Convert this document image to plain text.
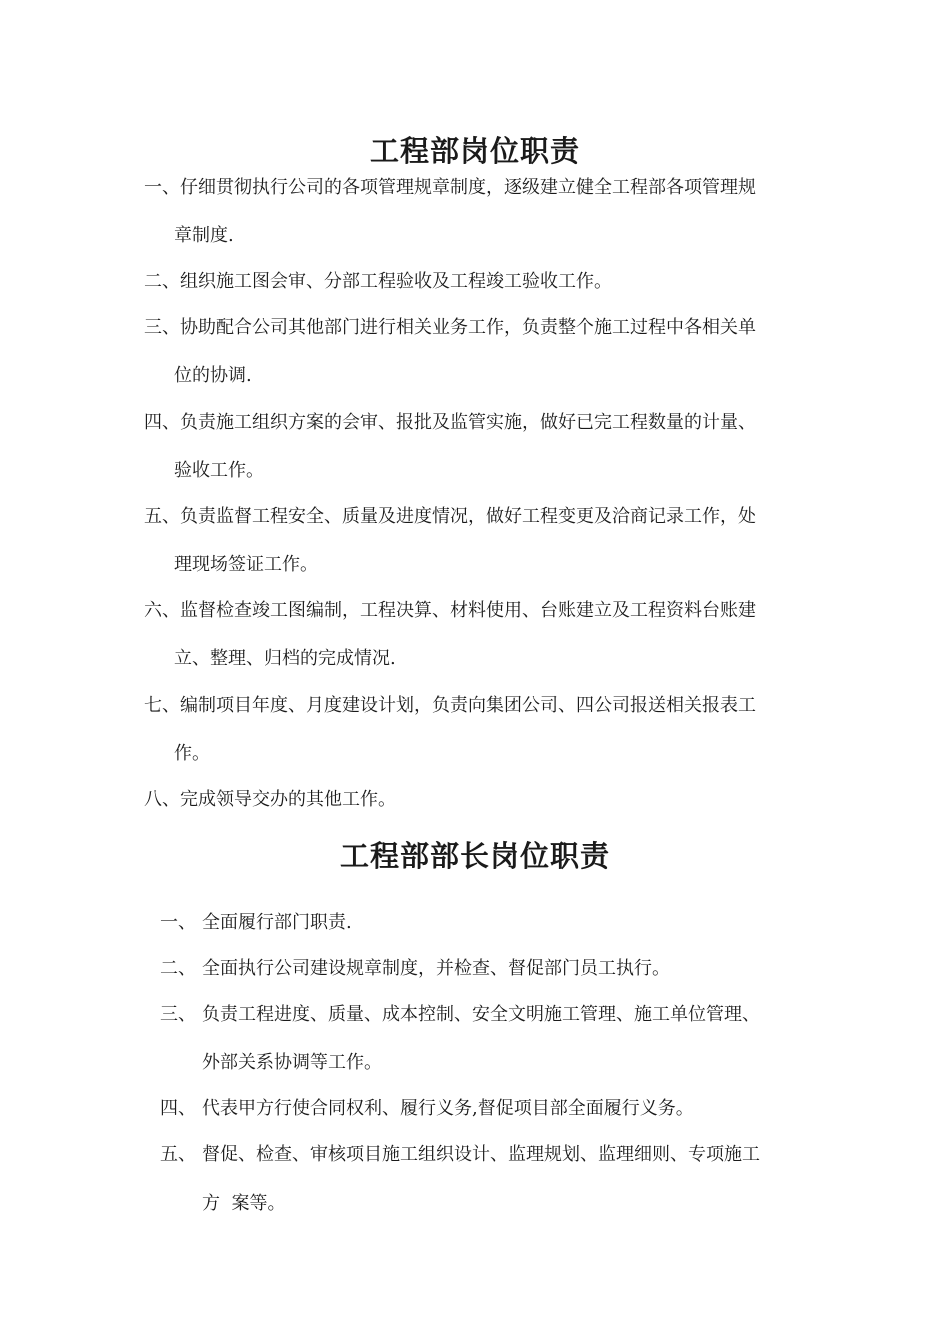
工程部岗位职责
一、仔细贯彻执行公司的各项管理规章制度，逐级建立健全工程部各项管理规
章制度.
二、组织施工图会审、分部工程验收及工程竣工验收工作。
三、协助配合公司其他部门进行相关业务工作，负责整个施工过程中各相关单
位的协调.
四、负责施工组织方案的会审、报批及监管实施，做好已完工程数量的计量、
验收工作。
五、负责监督工程安全、质量及进度情况，做好工程变更及洽商记录工作，处
理现场签证工作。
六、监督检查竣工图编制，工程决算、材料使用、台账建立及工程资料台账建
立、整理、归档的完成情况.
七、编制项目年度、月度建设计划，负责向集团公司、四公司报送相关报表工
作。
八、完成领导交办的其他工作。
工程部部长岗位职责
一、 全面履行部门职责.
二、 全面执行公司建设规章制度，并检查、督促部门员工执行。
三、 负责工程进度、质量、成本控制、安全文明施工管理、施工单位管理、
外部关系协调等工作。
四、 代表甲方行使合同权利、履行义务,督促项目部全面履行义务。
五、 督促、检查、审核项目施工组织设计、监理规划、监理细则、专项施工
方  案等。
